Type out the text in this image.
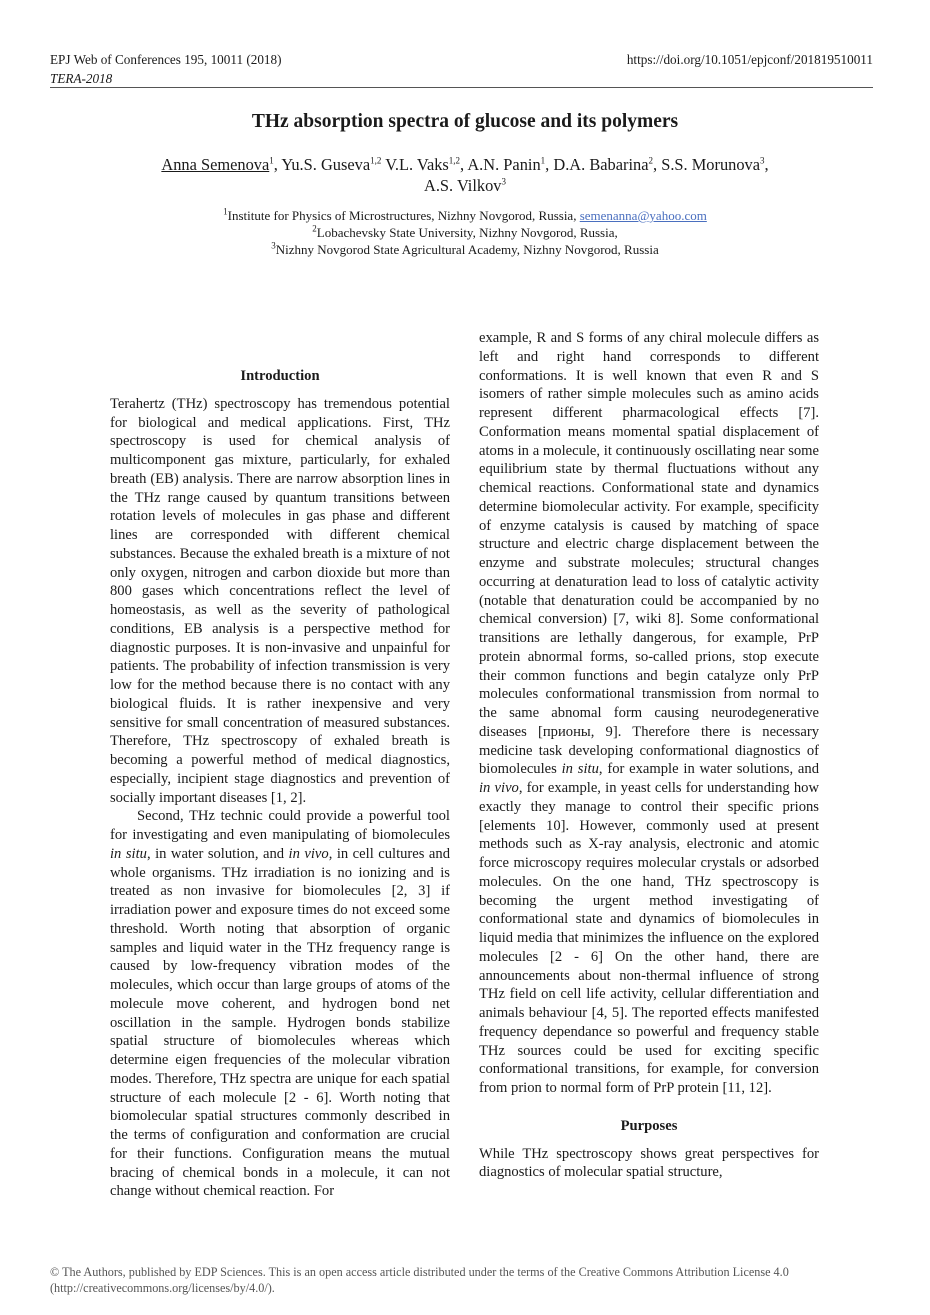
EPJ Web of Conferences 195, 10011 (2018)	https://doi.org/10.1051/epjconf/201819510011
TERA-2018
THz absorption spectra of glucose and its polymers
Anna Semenova$^1$, Yu.S. Guseva$^{1,2}$ V.L. Vaks$^{1,2}$, A.N. Panin$^1$, D.A. Babarina$^2$, S.S. Morunova$^3$,
A.S. Vilkov$^3$
$^1$Institute for Physics of Microstructures, Nizhny Novgorod, Russia, semenanna@yahoo.com
$^2$Lobachevsky State University, Nizhny Novgorod, Russia,
$^3$Nizhny Novgorod State Agricultural Academy, Nizhny Novgorod, Russia
Introduction

Terahertz (THz) spectroscopy has tremendous potential for biological and medical applications. First, THz spectroscopy is used for chemical analysis of multicomponent gas mixture, particularly, for exhaled breath (EB) analysis. There are narrow absorption lines in the THz range caused by quantum transitions between rotation levels of molecules in gas phase and different lines are corresponded with different chemical substances. Because the exhaled breath is a mixture of not only oxygen, nitrogen and carbon dioxide but more than 800 gases which concentrations reflect the level of homeostasis, as well as the severity of pathological conditions, EB analysis is a perspective method for diagnostic purposes. It is non-invasive and unpainful for patients. The probability of infection transmission is very low for the method because there is no contact with any biological fluids. It is rather inexpensive and very sensitive for small concentration of measured substances. Therefore, THz spectroscopy of exhaled breath is becoming a powerful method of medical diagnostics, especially, incipient stage diagnostics and prevention of socially important diseases [1, 2].

Second, THz technic could provide a powerful tool for investigating and even manipulating of biomolecules in situ, in water solution, and in vivo, in cell cultures and whole organisms. THz irradiation is no ionizing and is treated as non invasive for biomolecules [2, 3] if irradiation power and exposure times do not exceed some threshold. Worth noting that absorption of organic samples and liquid water in the THz frequency range is caused by low-frequency vibration modes of the molecules, which occur than large groups of atoms of the molecule move coherent, and hydrogen bond net oscillation in the sample. Hydrogen bonds stabilize spatial structure of biomolecules whereas which determine eigen frequencies of the molecular vibration modes. Therefore, THz spectra are unique for each spatial structure of each molecule [2 - 6]. Worth noting that biomolecular spatial structures commonly described in the terms of configuration and conformation are crucial for their functions. Configuration means the mutual bracing of chemical bonds in a molecule, it can not change without chemical reaction. For

example, R and S forms of any chiral molecule differs as left and right hand corresponds to different conformations. It is well known that even R and S isomers of rather simple molecules such as amino acids represent different pharmacological effects [7]. Conformation means momental spatial displacement of atoms in a molecule, it continuously oscillating near some equilibrium state by thermal fluctuations without any chemical reactions. Conformational state and dynamics determine biomolecular activity. For example, specificity of enzyme catalysis is caused by matching of space structure and electric charge displacement between the enzyme and substrate molecules; structural changes occurring at denaturation lead to loss of catalytic activity (notable that denaturation could be accompanied by no chemical conversion) [7, wiki 8]. Some conformational transitions are lethally dangerous, for example, PrP protein abnormal forms, so-called prions, stop execute their common functions and begin catalyze only PrP molecules conformational transmission from normal to the same abnomal form causing neurodegenerative diseases [прионы, 9]. Therefore there is necessary medicine task developing conformational diagnostics of biomolecules in situ, for example in water solutions, and in vivo, for example, in yeast cells for understanding how exactly they manage to control their specific prions [elements 10]. However, commonly used at present methods such as X-ray analysis, electronic and atomic force microscopy requires molecular crystals or adsorbed molecules. On the one hand, THz spectroscopy is becoming the urgent method investigating of conformational state and dynamics of biomolecules in liquid media that minimizes the influence on the explored molecules [2 - 6] On the other hand, there are announcements about non-thermal influence of strong THz field on cell life activity, cellular differentiation and animals behaviour [4, 5]. The reported effects manifested frequency dependance so powerful and frequency stable THz sources could be used for exciting specific conformational transitions, for example, for conversion from prion to normal form of PrP protein [11, 12].

Purposes

While THz spectroscopy shows great perspectives for diagnostics of molecular spatial structure,

© The Authors, published by EDP Sciences. This is an open access article distributed under the terms of the Creative Commons Attribution License 4.0
(http://creativecommons.org/licenses/by/4.0/).
